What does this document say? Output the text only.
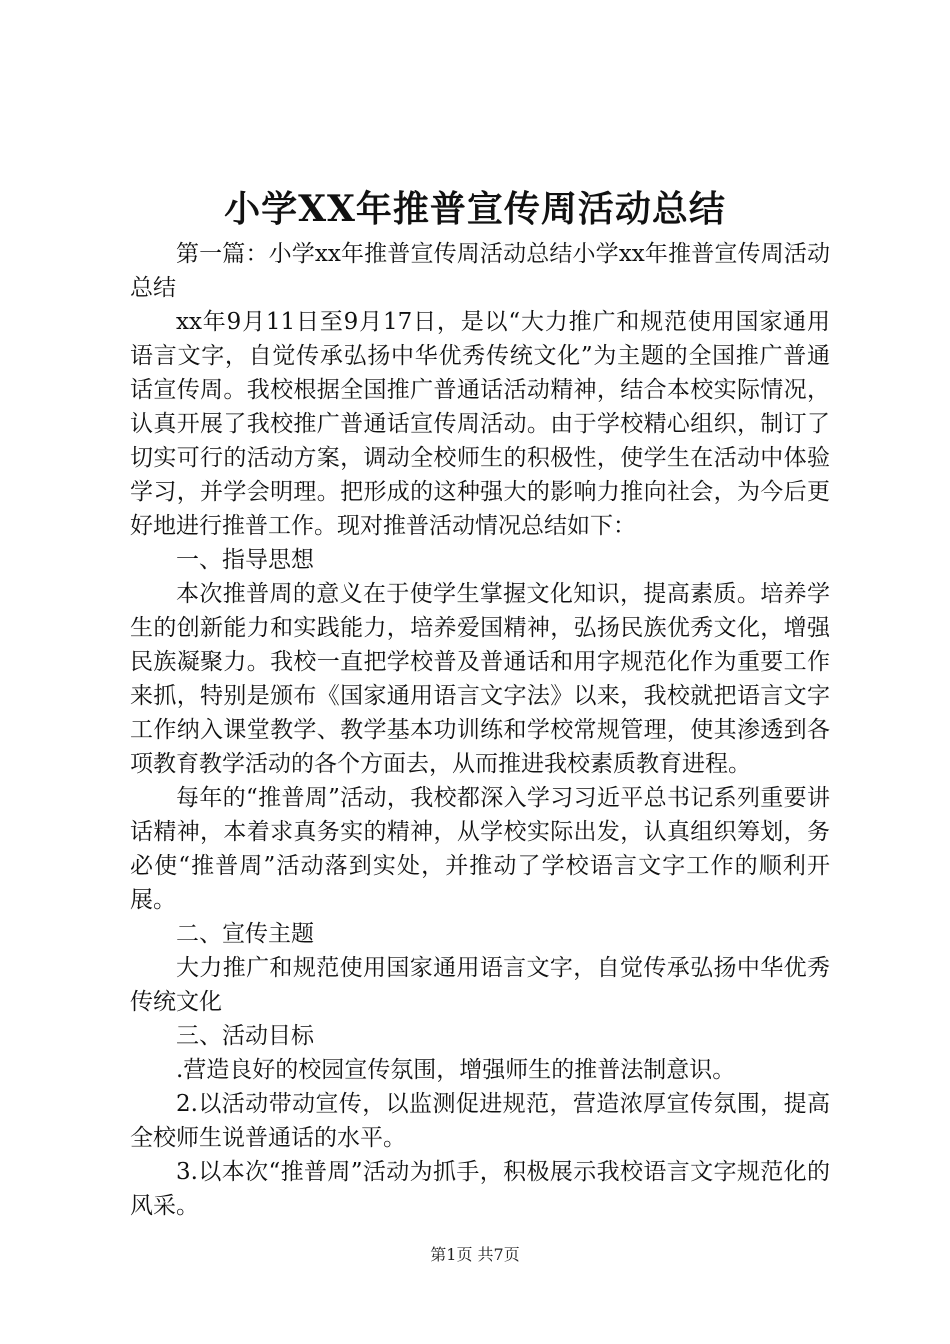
小学XX年推普宣传周活动总结

第一篇：小学xx年推普宣传周活动总结小学xx年推普宣传周活动总结

xx年9月11日至9月17日，是以“大力推广和规范使用国家通用语言文字，自觉传承弘扬中华优秀传统文化”为主题的全国推广普通话宣传周。我校根据全国推广普通话活动精神，结合本校实际情况，认真开展了我校推广普通话宣传周活动。由于学校精心组织，制订了切实可行的活动方案，调动全校师生的积极性，使学生在活动中体验学习，并学会明理。把形成的这种强大的影响力推向社会，为今后更好地进行推普工作。现对推普活动情况总结如下：

一、指导思想

本次推普周的意义在于使学生掌握文化知识，提高素质。培养学生的创新能力和实践能力，培养爱国精神，弘扬民族优秀文化，增强民族凝聚力。我校一直把学校普及普通话和用字规范化作为重要工作来抓，特别是颁布《国家通用语言文字法》以来，我校就把语言文字工作纳入课堂教学、教学基本功训练和学校常规管理，使其渗透到各项教育教学活动的各个方面去，从而推进我校素质教育进程。

每年的“推普周”活动，我校都深入学习习近平总书记系列重要讲话精神，本着求真务实的精神，从学校实际出发，认真组织筹划，务必使“推普周”活动落到实处，并推动了学校语言文字工作的顺利开展。

二、宣传主题

大力推广和规范使用国家通用语言文字，自觉传承弘扬中华优秀传统文化

三、活动目标

.营造良好的校园宣传氛围，增强师生的推普法制意识。

2.以活动带动宣传，以监测促进规范，营造浓厚宣传氛围，提高全校师生说普通话的水平。

3.以本次“推普周”活动为抓手，积极展示我校语言文字规范化的风采。

第1页 共7页
